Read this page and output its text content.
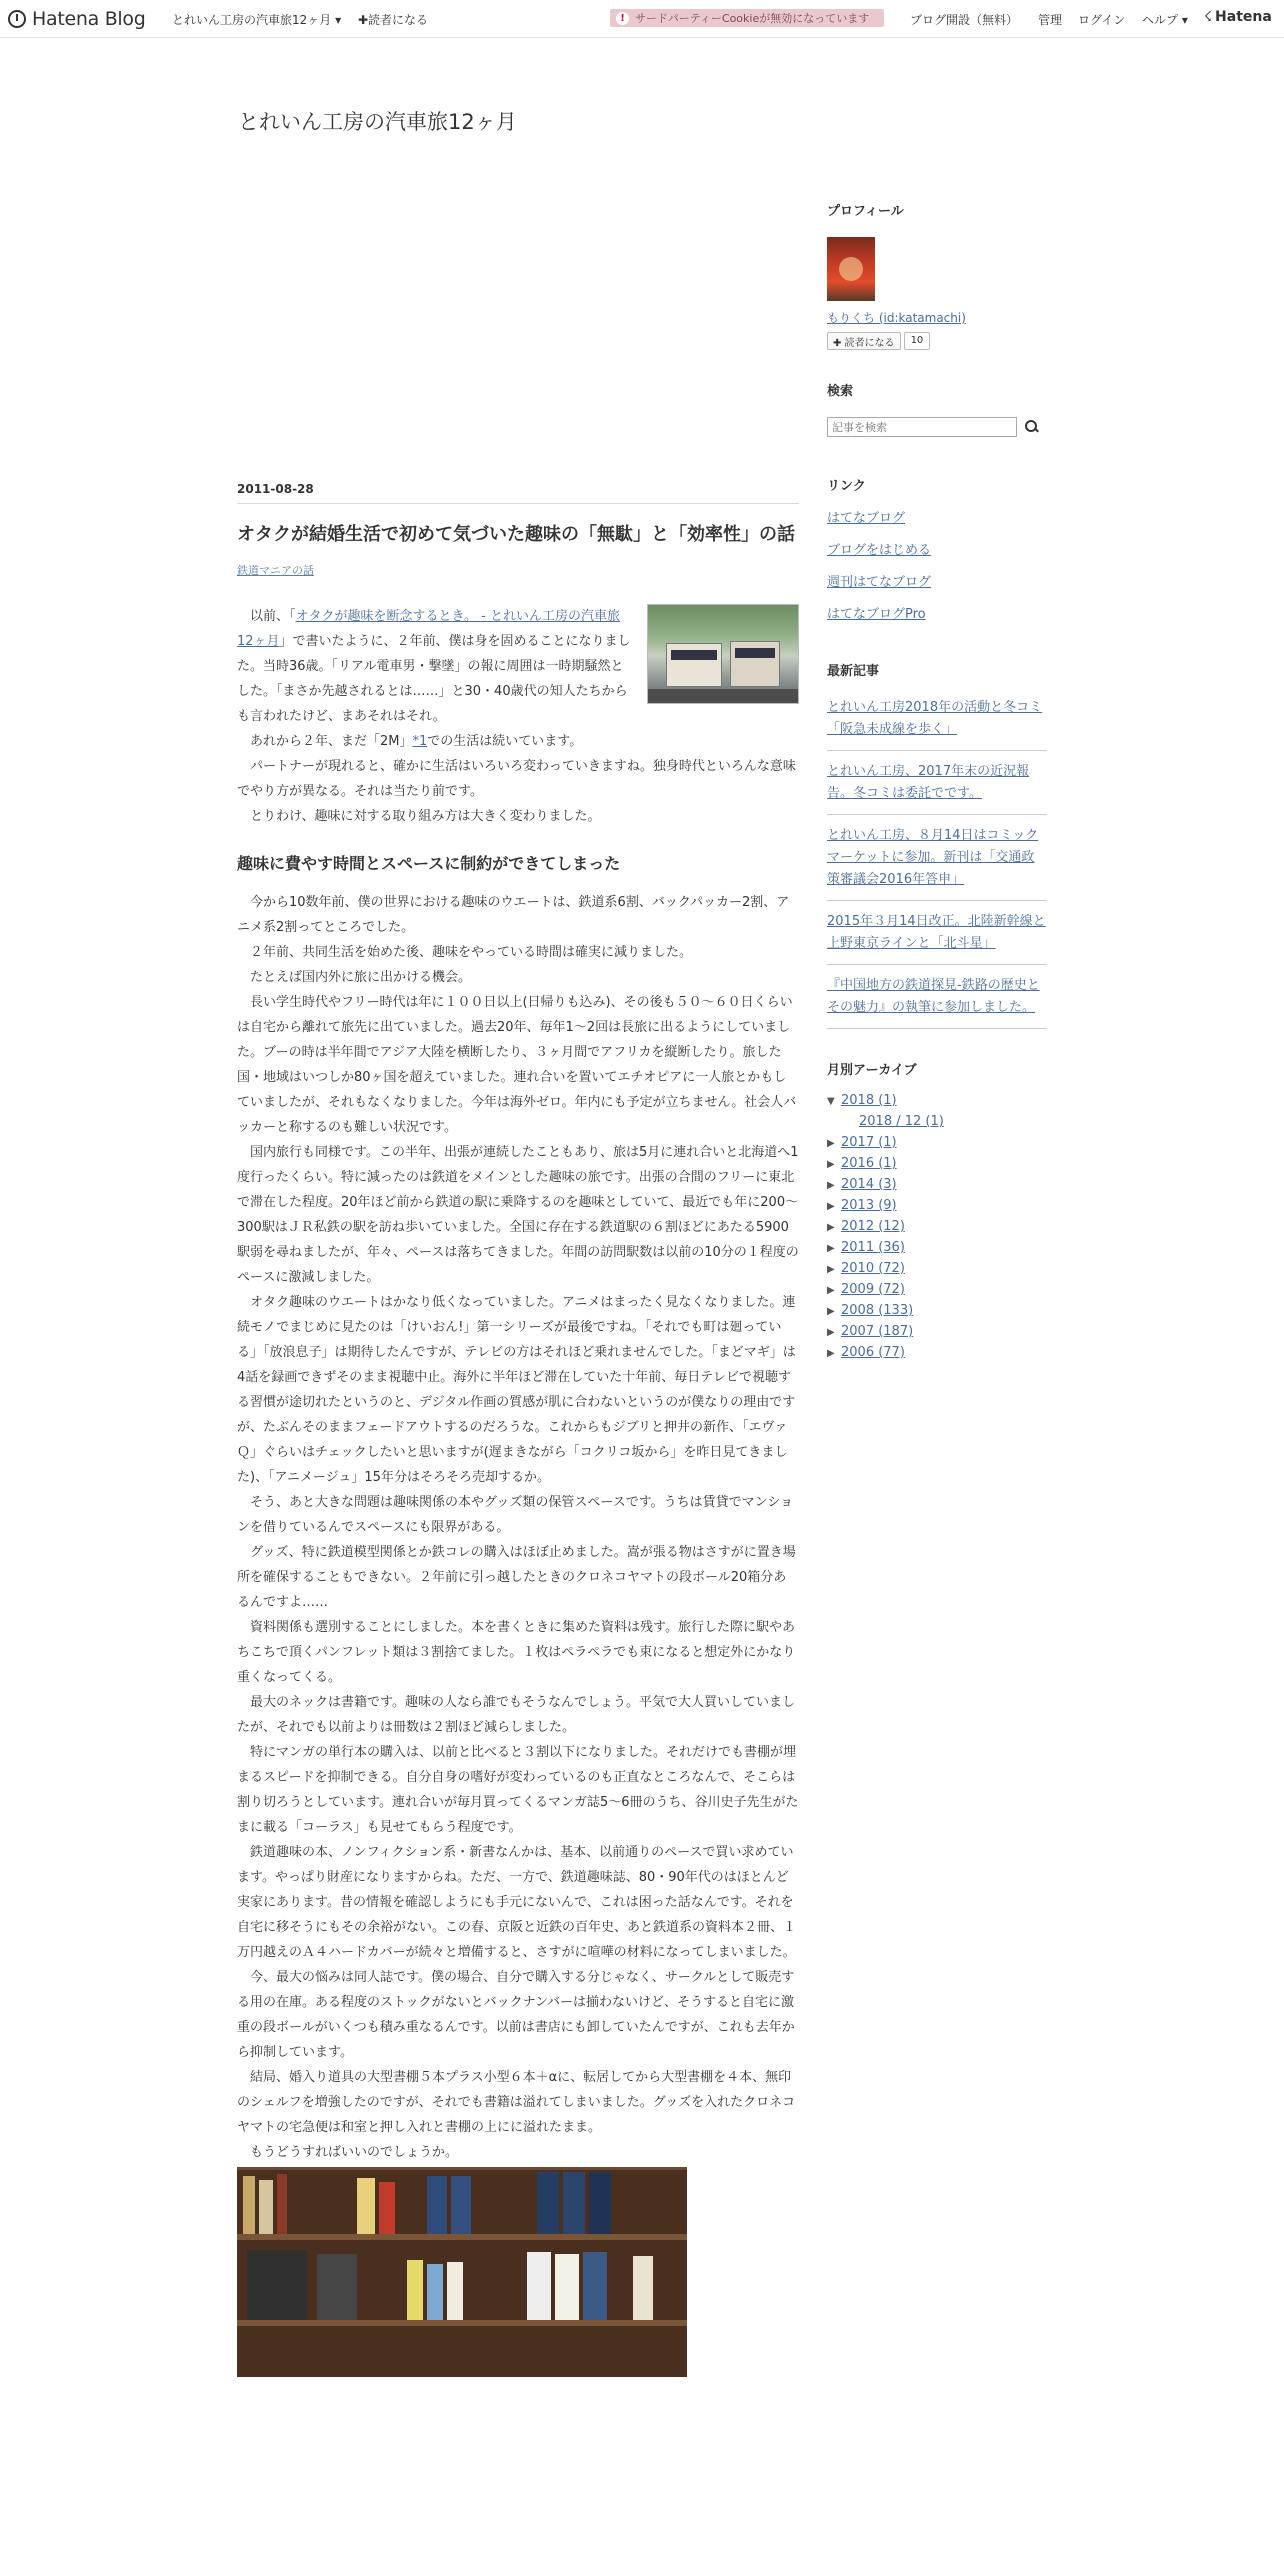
Hatena Blog とれいん工房の汽車旅12ヶ月 ▾ ✚読者になる	! サードパーティーCookieが無効になっています	ブログ開設（無料） 管理 ログイン ヘルプ ▾ ☇ Hatena
とれいん工房の汽車旅12ヶ月
2011-08-28
オタクが結婚生活で初めて気づいた趣味の「無駄」と「効率性」の話
鉄道マニアの話

以前、「オタクが趣味を断念するとき。 - とれいん工房の汽車旅12ヶ月」で書いたように、２年前、僕は身を固めることになりました。当時36歳。「リアル電車男・撃墜」の報に周囲は一時期騒然とした。「まさか先越されるとは……」と30・40歳代の知人たちからも言われたけど、まあそれはそれ。

あれから２年、まだ「2M」*1での生活は続いています。

パートナーが現れると、確かに生活はいろいろ変わっていきますね。独身時代といろんな意味でやり方が異なる。それは当たり前です。

とりわけ、趣味に対する取り組み方は大きく変わりました。

趣味に費やす時間とスペースに制約ができてしまった

今から10数年前、僕の世界における趣味のウエートは、鉄道系6割、バックパッカー2割、アニメ系2割ってところでした。

２年前、共同生活を始めた後、趣味をやっている時間は確実に減りました。

たとえば国内外に旅に出かける機会。

長い学生時代やフリー時代は年に１００日以上(日帰りも込み)、その後も５０〜６０日くらいは自宅から離れて旅先に出ていました。過去20年、毎年1〜2回は長旅に出るようにしていました。ブーの時は半年間でアジア大陸を横断したり、３ヶ月間でアフリカを縦断したり。旅した国・地域はいつしか80ヶ国を超えていました。連れ合いを置いてエチオピアに一人旅とかもしていましたが、それもなくなりました。今年は海外ゼロ。年内にも予定が立ちません。社会人バッカーと称するのも難しい状況です。

国内旅行も同様です。この半年、出張が連続したこともあり、旅は5月に連れ合いと北海道へ1度行ったくらい。特に減ったのは鉄道をメインとした趣味の旅です。出張の合間のフリーに東北で滞在した程度。20年ほど前から鉄道の駅に乗降するのを趣味としていて、最近でも年に200〜300駅はＪＲ私鉄の駅を訪ね歩いていました。全国に存在する鉄道駅の６割ほどにあたる5900駅弱を尋ねましたが、年々、ペースは落ちてきました。年間の訪問駅数は以前の10分の１程度のペースに激減しました。

オタク趣味のウエートはかなり低くなっていました。アニメはまったく見なくなりました。連続モノでまじめに見たのは「けいおん!」第一シリーズが最後ですね。「それでも町は廻っている」「放浪息子」は期待したんですが、テレビの方はそれほど乗れませんでした。「まどマギ」は4話を録画できずそのまま視聴中止。海外に半年ほど滞在していた十年前、毎日テレビで視聴する習慣が途切れたというのと、デジタル作画の質感が肌に合わないというのが僕なりの理由ですが、たぶんそのままフェードアウトするのだろうな。これからもジブリと押井の新作、「エヴァＱ」ぐらいはチェックしたいと思いますが(遅まきながら「コクリコ坂から」を昨日見てきました)、「アニメージュ」15年分はそろそろ売却するか。

そう、あと大きな問題は趣味関係の本やグッズ類の保管スペースです。うちは賃貸でマンションを借りているんでスペースにも限界がある。

グッズ、特に鉄道模型関係とか鉄コレの購入はほぼ止めました。嵩が張る物はさすがに置き場所を確保することもできない。２年前に引っ越したときのクロネコヤマトの段ボール20箱分あるんですよ……

資料関係も選別することにしました。本を書くときに集めた資料は残す。旅行した際に駅やあちこちで頂くパンフレット類は３割捨てました。１枚はペラペラでも束になると想定外にかなり重くなってくる。

最大のネックは書籍です。趣味の人なら誰でもそうなんでしょう。平気で大人買いしていましたが、それでも以前よりは冊数は２割ほど減らしました。

特にマンガの単行本の購入は、以前と比べると３割以下になりました。それだけでも書棚が埋まるスピードを抑制できる。自分自身の嗜好が変わっているのも正直なところなんで、そこらは割り切ろうとしています。連れ合いが毎月買ってくるマンガ誌5〜6冊のうち、谷川史子先生がたまに載る「コーラス」も見せてもらう程度です。

鉄道趣味の本、ノンフィクション系・新書なんかは、基本、以前通りのペースで買い求めています。やっぱり財産になりますからね。ただ、一方で、鉄道趣味誌、80・90年代のはほとんど実家にあります。昔の情報を確認しようにも手元にないんで、これは困った話なんです。それを自宅に移そうにもその余裕がない。この春、京阪と近鉄の百年史、あと鉄道系の資料本２冊、１万円越えのＡ４ハードカバーが続々と増備すると、さすがに喧嘩の材料になってしまいました。

今、最大の悩みは同人誌です。僕の場合、自分で購入する分じゃなく、サークルとして販売する用の在庫。ある程度のストックがないとバックナンバーは揃わないけど、そうすると自宅に激重の段ボールがいくつも積み重なるんです。以前は書店にも卸していたんですが、これも去年から抑制しています。

結局、婚入り道具の大型書棚５本プラス小型６本＋αに、転居してから大型書棚を４本、無印のシェルフを増強したのですが、それでも書籍は溢れてしまいました。グッズを入れたクロネコヤマトの宅急便は和室と押し入れと書棚の上にに溢れたまま。

もうどうすればいいのでしょうか。

プロフィール
もりくち (id:katamachi)
✚ 読者になる	10
検索
記事を検索
リンク
はてなブログ
ブログをはじめる
週刊はてなブログ
はてなブログPro
最新記事
とれいん工房2018年の活動と冬コミ「阪急未成線を歩く」
とれいん工房、2017年末の近況報告。冬コミは委託でです。
とれいん工房、８月14日はコミックマーケットに参加。新刊は「交通政策審議会2016年答申」
2015年３月14日改正。北陸新幹線と上野東京ラインと「北斗星」
『中国地方の鉄道探見-鉄路の歴史とその魅力』の執筆に参加しました。
月別アーカイブ
▼ 2018 (1)
2018 / 12 (1)
▶ 2017 (1)
▶ 2016 (1)
▶ 2014 (3)
▶ 2013 (9)
▶ 2012 (12)
▶ 2011 (36)
▶ 2010 (72)
▶ 2009 (72)
▶ 2008 (133)
▶ 2007 (187)
▶ 2006 (77)
